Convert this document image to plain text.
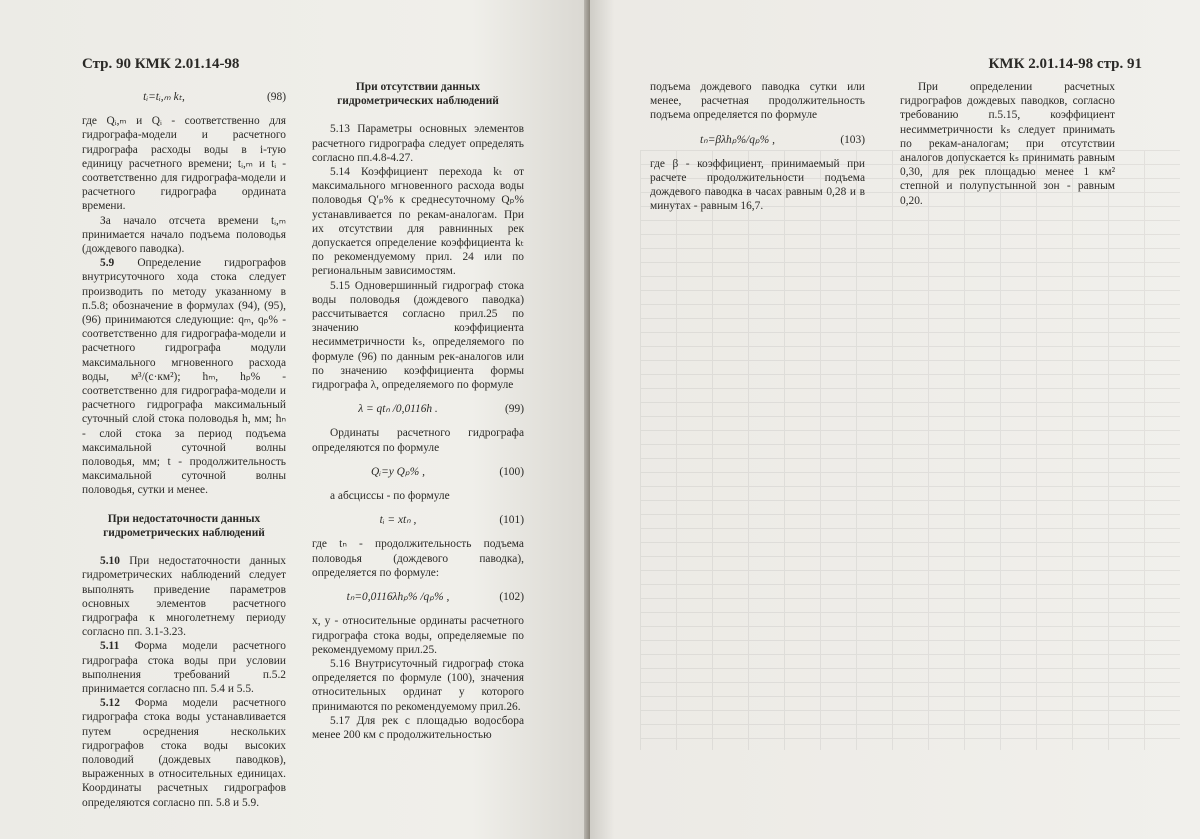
Стр. 90 КМК 2.01.14-98
tᵢ=tᵢ,ₘ kₜ,	(98)

где Qᵢ,ₘ и Qᵢ - соответственно для гидрографа-модели и расчетного гидрографа расходы воды в i-тую единицу расчетного времени; tᵢ,ₘ и tᵢ - соответственно для гидрографа-модели и расчетного гидрографа ордината времени.

За начало отсчета времени tᵢ,ₘ принимается начало подъема половодья (дождевого паводка).

5.9 Определение гидрографов внутрисуточного хода стока следует производить по методу указанному в п.5.8; обозначение в формулах (94), (95), (96) принимаются следующие: qₘ, qₚ% - соответственно для гидрографа-модели и расчетного гидрографа модули максимального мгновенного расхода воды, м³/(с·км²); hₘ, hₚ% - соответственно для гидрографа-модели и расчетного гидрографа максимальный суточный слой стока половодья h, мм; hₙ - слой стока за период подъема максимальной суточной волны половодья, мм; t - продолжительность максимальной суточной волны половодья, сутки и менее.

При недостаточности данных гидрометрических наблюдений

5.10 При недостаточности данных гидрометрических наблюдений следует выполнять приведение параметров основных элементов расчетного гидрографа к многолетнему периоду согласно пп. 3.1-3.23.

5.11 Форма модели расчетного гидрографа стока воды при условии выполнения требований п.5.2 принимается согласно пп. 5.4 и 5.5.

5.12 Форма модели расчетного гидрографа стока воды устанавливается путем осреднения нескольких гидрографов стока воды высоких половодий (дождевых паводков), выраженных в относительных единицах. Координаты расчетных гидрографов определяются согласно пп. 5.8 и 5.9.

При отсутствии данных гидрометрических наблюдений

5.13 Параметры основных элементов расчетного гидрографа следует определять согласно пп.4.8-4.27.

5.14 Коэффициент перехода kₜ от максимального мгновенного расхода воды половодья Q′ₚ% к среднесуточному Qₚ% устанавливается по рекам-аналогам. При их отсутствии для равнинных рек допускается определение коэффициента kₜ по рекомендуемому прил. 24 или по региональным зависимостям.

5.15 Одновершинный гидрограф стока воды половодья (дождевого паводка) рассчитывается согласно прил.25 по значению коэффициента несимметричности kₛ, определяемого по формуле (96) по данным рек-аналогов или по значению коэффициента формы гидрографа λ, определяемого по формуле

λ = qtₙ /0,0116h .	(99)

Ординаты расчетного гидрографа определяются по формуле

Qᵢ=y Qₚ% ,	(100)

а абсциссы - по формуле

tᵢ = xtₙ ,	(101)

где tₙ - продолжительность подъема половодья (дождевого паводка), определяется по формуле:

tₙ=0,0116λhₚ% /qₚ% ,	(102)

x, y - относительные ординаты расчетного гидрографа стока воды, определяемые по рекомендуемому прил.25.

5.16 Внутрисуточный гидрограф стока определяется по формуле (100), значения относительных ординат y которого принимаются по рекомендуемому прил.26.

5.17 Для рек с площадью водосбора менее 200 км с продолжительностью

КМК 2.01.14-98 стр. 91

подъема дождевого паводка сутки или менее, расчетная продолжительность подъема определяется по формуле

tₙ=βλhₚ%/qₚ% ,	(103)

где β - коэффициент, принимаемый при расчете продолжительности подъема дождевого паводка в часах равным 0,28 и в минутах - равным 16,7.

При определении расчетных гидрографов дождевых паводков, согласно требованию п.5.15, коэффициент несимметричности kₛ следует принимать по рекам-аналогам; при отсутствии аналогов допускается kₛ принимать равным 0,30, для рек площадью менее 1 км² степной и полупустынной зон - равным 0,20.
